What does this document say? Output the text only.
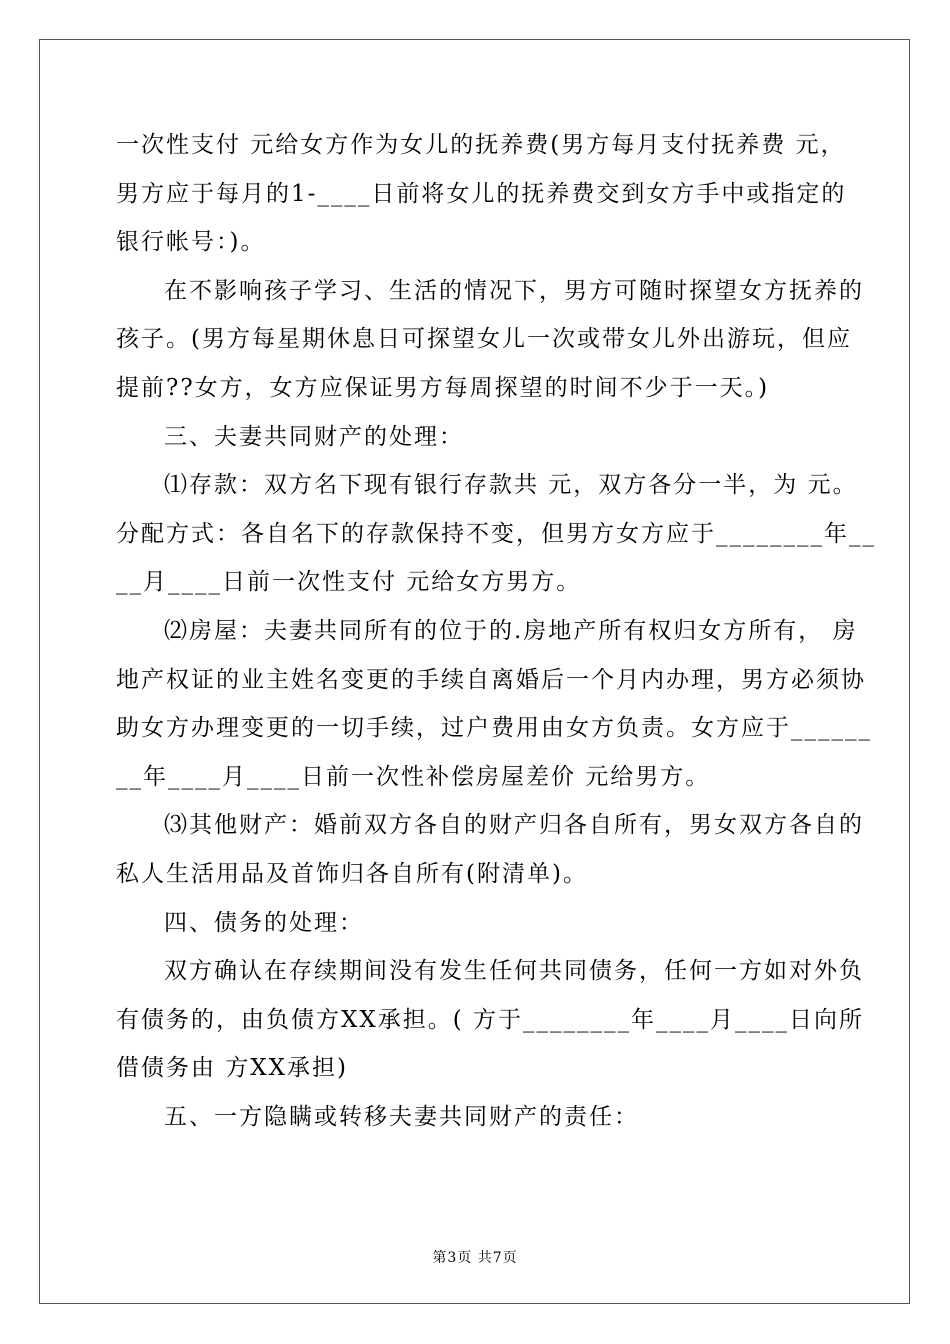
一次性支付 元给女方作为女儿的抚养费(男方每月支付抚养费 元，
男方应于每月的1-____日前将女儿的抚养费交到女方手中或指定的
银行帐号：)。
在不影响孩子学习、生活的情况下，男方可随时探望女方抚养的
孩子。(男方每星期休息日可探望女儿一次或带女儿外出游玩，但应
提前??女方，女方应保证男方每周探望的时间不少于一天。)
三、夫妻共同财产的处理：
⑴存款：双方名下现有银行存款共 元，双方各分一半，为 元。
分配方式：各自名下的存款保持不变，但男方女方应于________年__
__月____日前一次性支付 元给女方男方。
⑵房屋：夫妻共同所有的位于的.房地产所有权归女方所有， 房
地产权证的业主姓名变更的手续自离婚后一个月内办理，男方必须协
助女方办理变更的一切手续，过户费用由女方负责。女方应于______
__年____月____日前一次性补偿房屋差价 元给男方。
⑶其他财产：婚前双方各自的财产归各自所有，男女双方各自的
私人生活用品及首饰归各自所有(附清单)。
四、债务的处理：
双方确认在存续期间没有发生任何共同债务，任何一方如对外负
有债务的，由负债方XX承担。( 方于________年____月____日向所
借债务由 方XX承担)
五、一方隐瞒或转移夫妻共同财产的责任：
第3页 共7页
